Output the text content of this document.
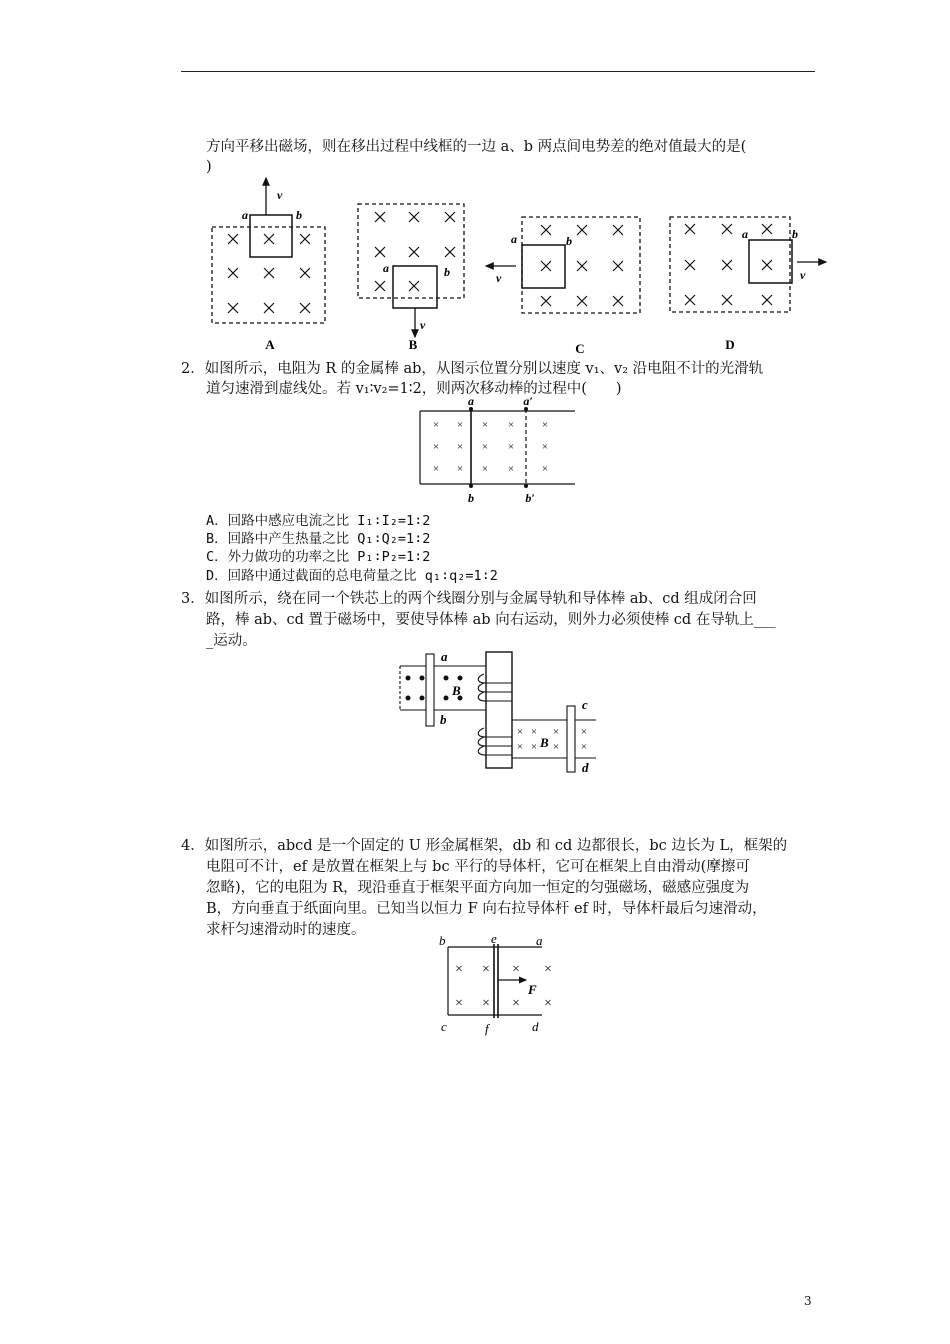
方向平移出磁场，则在移出过程中线框的一边 a、b 两点间电势差的绝对值最大的是(
)
v
a	b
a	b
v
a	b
v
a	b
v
A	B	C	D
2．如图所示，电阻为 R 的金属棒 ab，从图示位置分别以速度 v₁、v₂ 沿电阻不计的光滑轨
道匀速滑到虚线处。若 v₁∶v₂=1∶2，则两次移动棒的过程中(　　)
× × × ×	×
× × × ×	×
× × × ×	×
a	a′
b	b′
A．回路中感应电流之比 I₁∶I₂=1∶2
B．回路中产生热量之比 Q₁∶Q₂=1∶2
C．外力做功的功率之比 P₁∶P₂=1∶2
D．回路中通过截面的总电荷量之比 q₁∶q₂=1∶2
3．如图所示，绕在同一个铁芯上的两个线圈分别与金属导轨和导体棒 ab、cd 组成闭合回
路，棒 ab、cd 置于磁场中，要使导体棒 ab 向右运动，则外力必须使棒 cd 在导轨上___
_运动。
× × × ×
× × × ×
a
b
B
B
c
d
4．如图所示，abcd 是一个固定的 U 形金属框架，db 和 cd 边都很长，bc 边长为 L，框架的
电阻可不计，ef 是放置在框架上与 bc 平行的导体杆，它可在框架上自由滑动(摩擦可
忽略)，它的电阻为 R，现沿垂直于框架平面方向加一恒定的匀强磁场，磁感应强度为
B，方向垂直于纸面向里。已知当以恒力 F 向右拉导体杆 ef 时，导体杆最后匀速滑动，
求杆匀速滑动时的速度。
× × × ×
× × × ×
b	e	a
c	f	d
F
3
